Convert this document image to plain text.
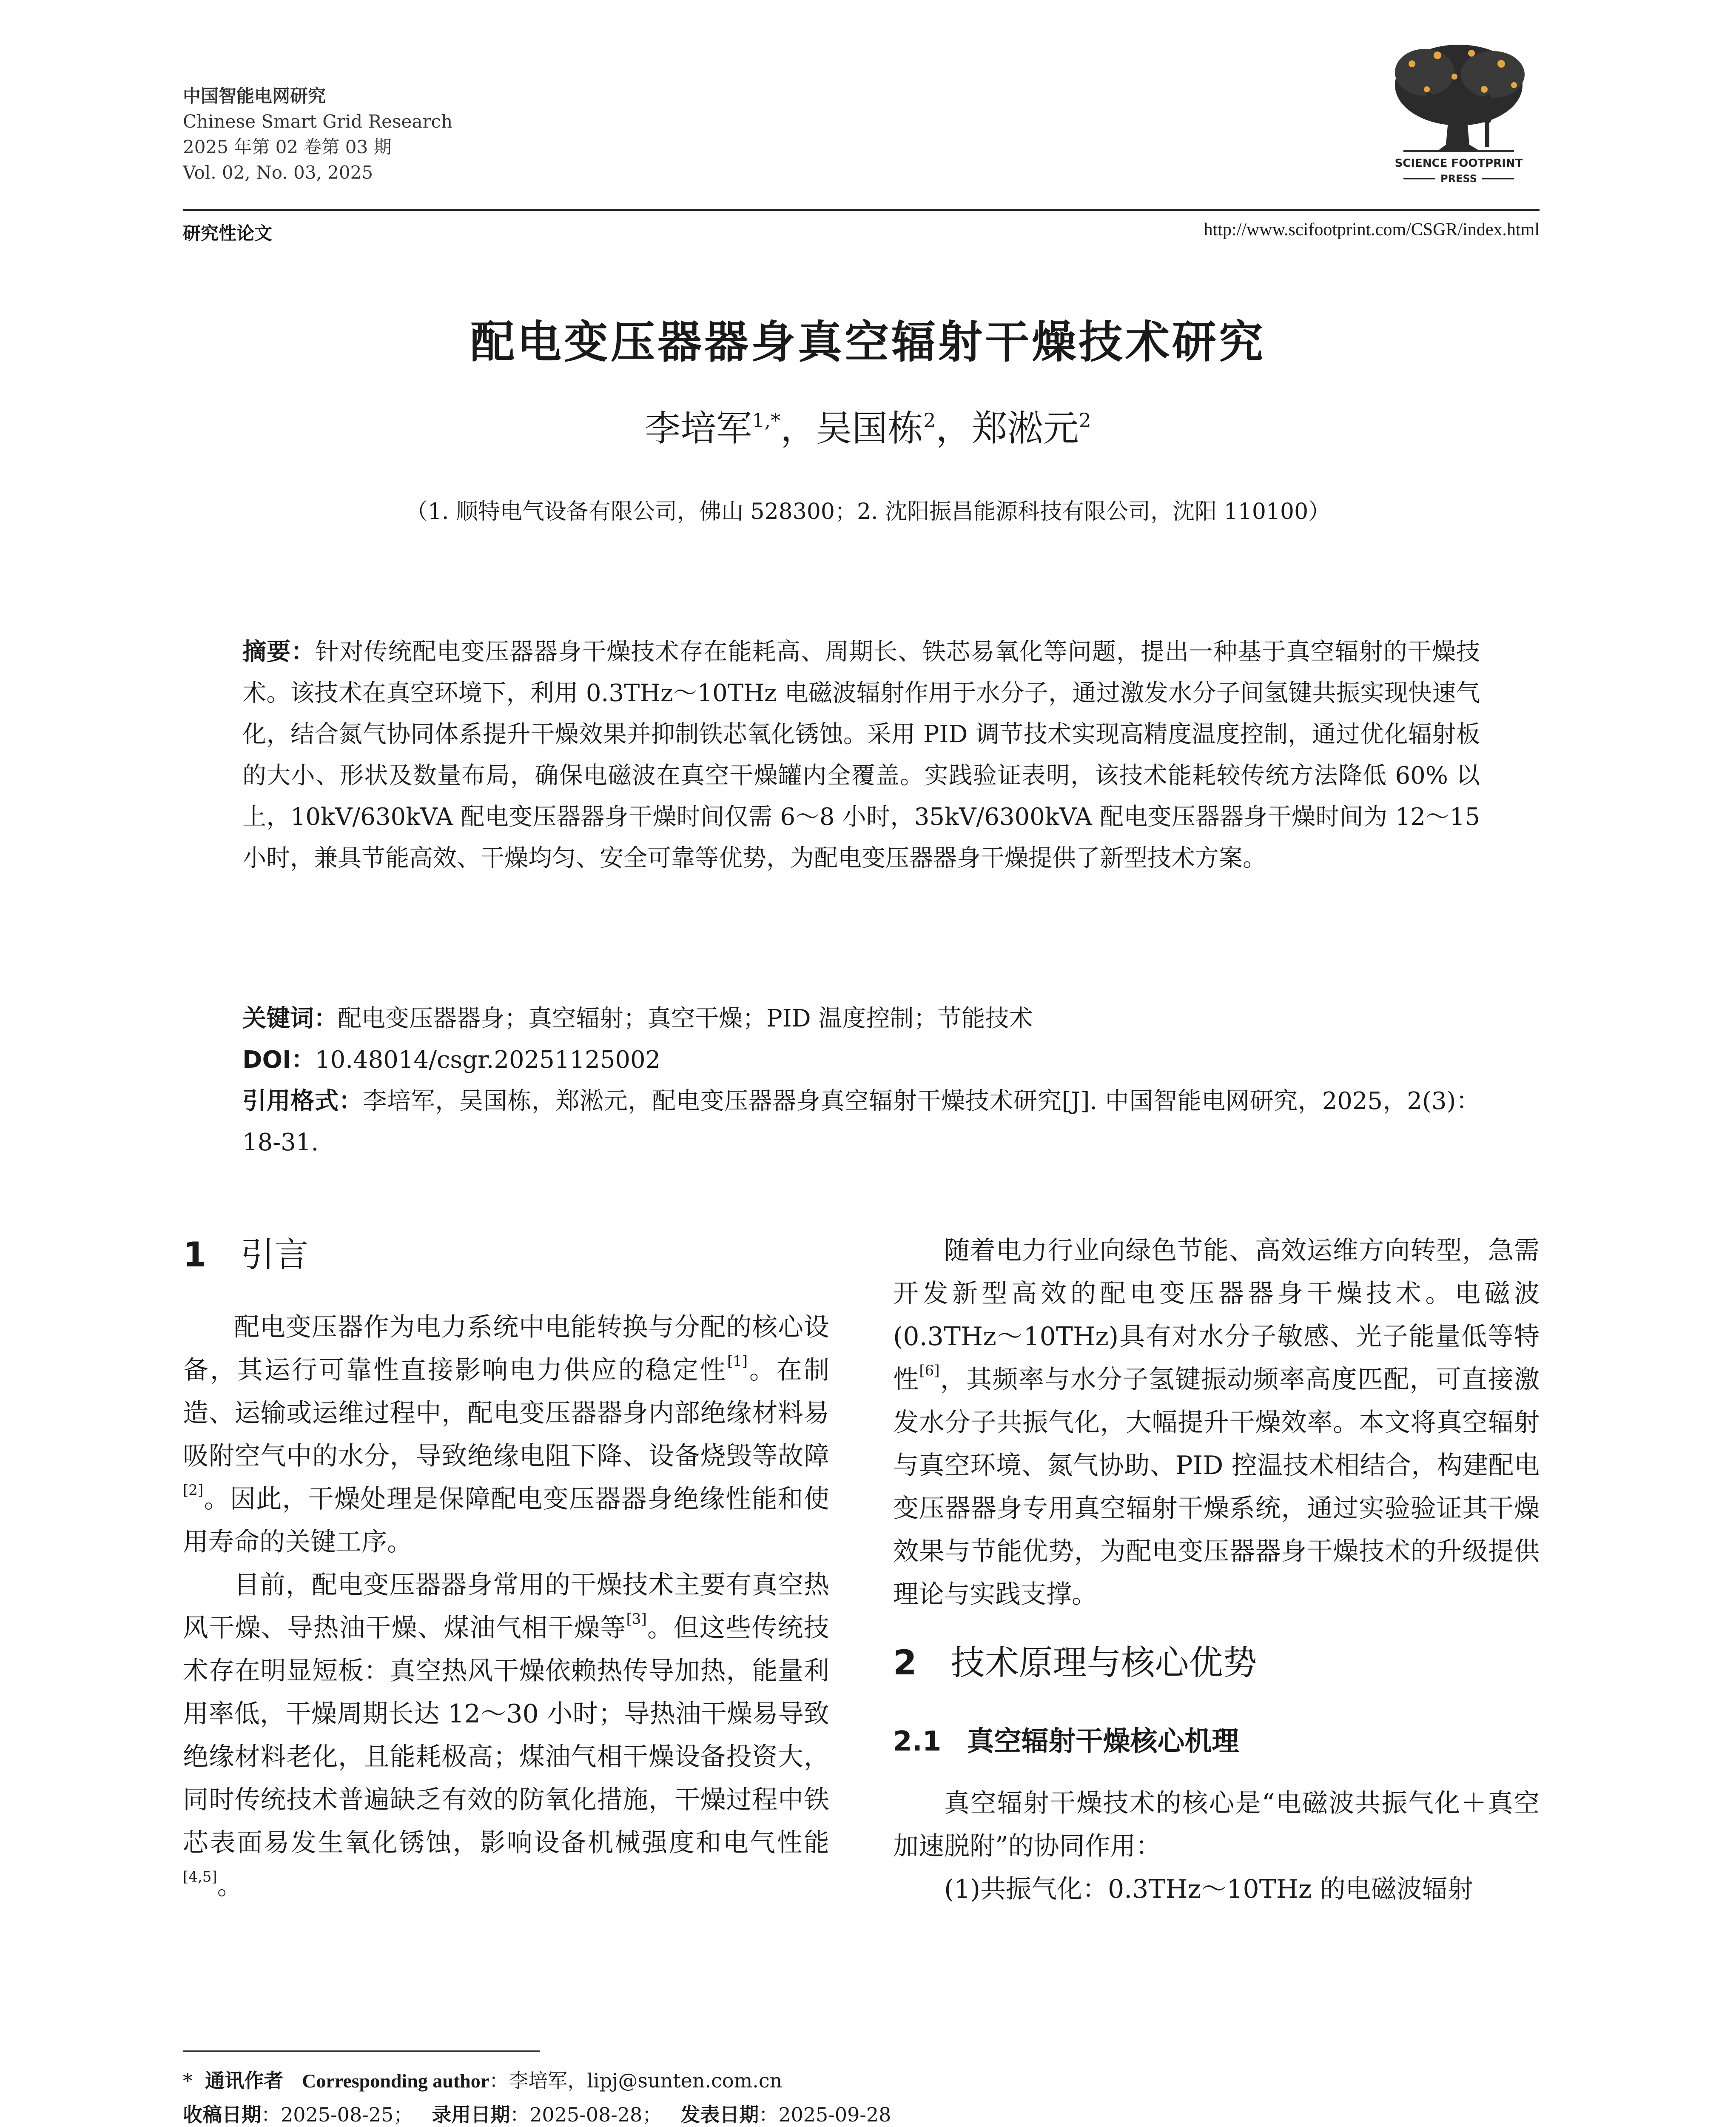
中国智能电网研究
Chinese Smart Grid Research
2025 年第 02 卷第 03 期
Vol. 02, No. 03, 2025	SCIENCE FOOTPRINT
PRESS
研究性论文	http://www.scifootprint.com/CSGR/index.html
配电变压器器身真空辐射干燥技术研究
李培军$^{1,*}$，吴国栋$^2$，郑淞元$^2$
（1. 顺特电气设备有限公司，佛山 528300；2. 沈阳振昌能源科技有限公司，沈阳 110100）
摘要：针对传统配电变压器器身干燥技术存在能耗高、周期长、铁芯易氧化等问题，提出一种基于真空辐射的干燥技术。该技术在真空环境下，利用 0.3THz～10THz 电磁波辐射作用于水分子，通过激发水分子间氢键共振实现快速气化，结合氮气协同体系提升干燥效果并抑制铁芯氧化锈蚀。采用 PID 调节技术实现高精度温度控制，通过优化辐射板的大小、形状及数量布局，确保电磁波在真空干燥罐内全覆盖。实践验证表明，该技术能耗较传统方法降低 60% 以上，10kV/630kVA 配电变压器器身干燥时间仅需 6～8 小时，35kV/6300kVA 配电变压器器身干燥时间为 12～15 小时，兼具节能高效、干燥均匀、安全可靠等优势，为配电变压器器身干燥提供了新型技术方案。
关键词：配电变压器器身；真空辐射；真空干燥；PID 温度控制；节能技术
DOI：10.48014/csgr.20251125002
引用格式：李培军，吴国栋，郑淞元，配电变压器器身真空辐射干燥技术研究[J]. 中国智能电网研究，2025，2(3)：18-31.
1 引言

配电变压器作为电力系统中电能转换与分配的核心设备，其运行可靠性直接影响电力供应的稳定性[1]。在制造、运输或运维过程中，配电变压器器身内部绝缘材料易吸附空气中的水分，导致绝缘电阻下降、设备烧毁等故障[2]。因此，干燥处理是保障配电变压器器身绝缘性能和使用寿命的关键工序。

目前，配电变压器器身常用的干燥技术主要有真空热风干燥、导热油干燥、煤油气相干燥等[3]。但这些传统技术存在明显短板：真空热风干燥依赖热传导加热，能量利用率低，干燥周期长达 12～30 小时；导热油干燥易导致绝缘材料老化，且能耗极高；煤油气相干燥设备投资大，同时传统技术普遍缺乏有效的防氧化措施，干燥过程中铁芯表面易发生氧化锈蚀，影响设备机械强度和电气性能[4,5]。

随着电力行业向绿色节能、高效运维方向转型，急需开发新型高效的配电变压器器身干燥技术。电磁波(0.3THz～10THz)具有对水分子敏感、光子能量低等特性[6]，其频率与水分子氢键振动频率高度匹配，可直接激发水分子共振气化，大幅提升干燥效率。本文将真空辐射与真空环境、氮气协助、PID 控温技术相结合，构建配电变压器器身专用真空辐射干燥系统，通过实验验证其干燥效果与节能优势，为配电变压器器身干燥技术的升级提供理论与实践支撑。

2 技术原理与核心优势
2.1 真空辐射干燥核心机理

真空辐射干燥技术的核心是“电磁波共振气化＋真空加速脱附”的协同作用：

(1)共振气化：0.3THz～10THz 的电磁波辐射

* 通讯作者 Corresponding author：李培军，lipj@sunten.com.cn
收稿日期：2025-08-25； 录用日期：2025-08-28； 发表日期：2025-09-28
